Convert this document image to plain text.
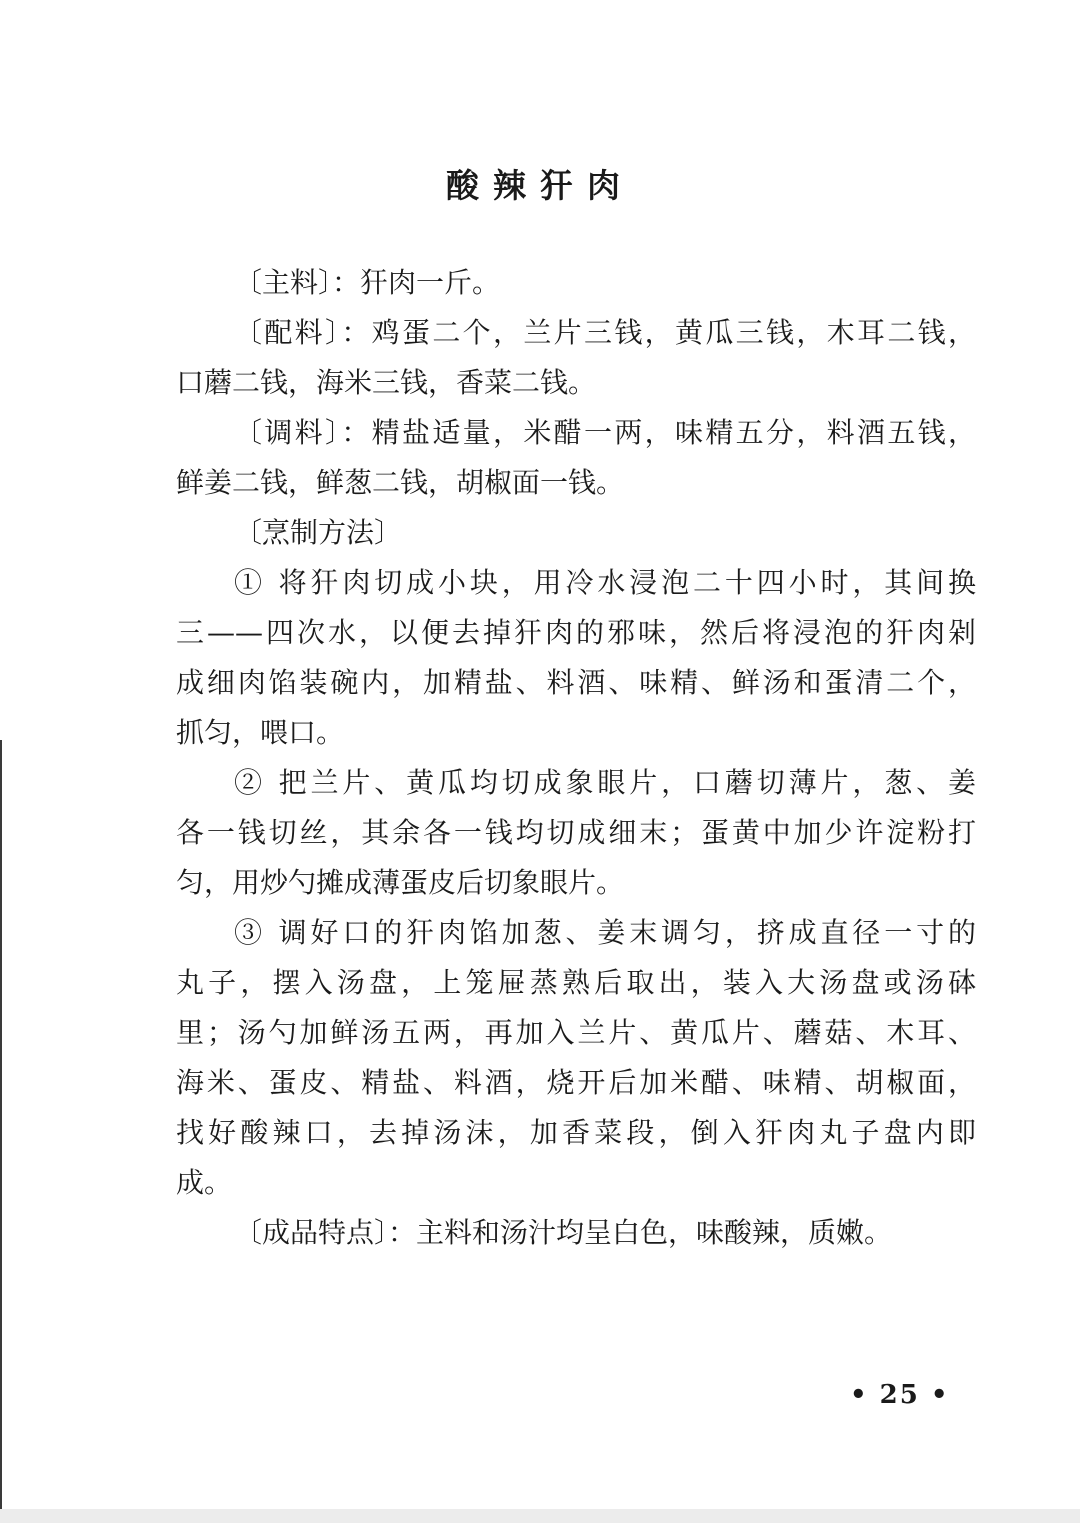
酸辣犴肉
〔主料〕：犴肉一斤。
〔配料〕：鸡蛋二个，兰片三钱，黄瓜三钱，木耳二钱，
口蘑二钱，海米三钱，香菜二钱。
〔调料〕：精盐适量，米醋一两，味精五分，料酒五钱，
鲜姜二钱，鲜葱二钱，胡椒面一钱。
〔烹制方法〕
① 将犴肉切成小块，用冷水浸泡二十四小时，其间换
三——四次水，以便去掉犴肉的邪味，然后将浸泡的犴肉剁
成细肉馅装碗内，加精盐、料酒、味精、鲜汤和蛋清二个，
抓匀，喂口。
② 把兰片、黄瓜均切成象眼片，口蘑切薄片，葱、姜
各一钱切丝，其余各一钱均切成细末；蛋黄中加少许淀粉打
匀，用炒勺摊成薄蛋皮后切象眼片。
③ 调好口的犴肉馅加葱、姜末调匀，挤成直径一寸的
丸子，摆入汤盘，上笼屉蒸熟后取出，装入大汤盘或汤砵
里；汤勺加鲜汤五两，再加入兰片、黄瓜片、蘑菇、木耳、
海米、蛋皮、精盐、料酒，烧开后加米醋、味精、胡椒面，
找好酸辣口，去掉汤沫，加香菜段，倒入犴肉丸子盘内即
成。
〔成品特点〕：主料和汤汁均呈白色，味酸辣，质嫩。
• 25 •
